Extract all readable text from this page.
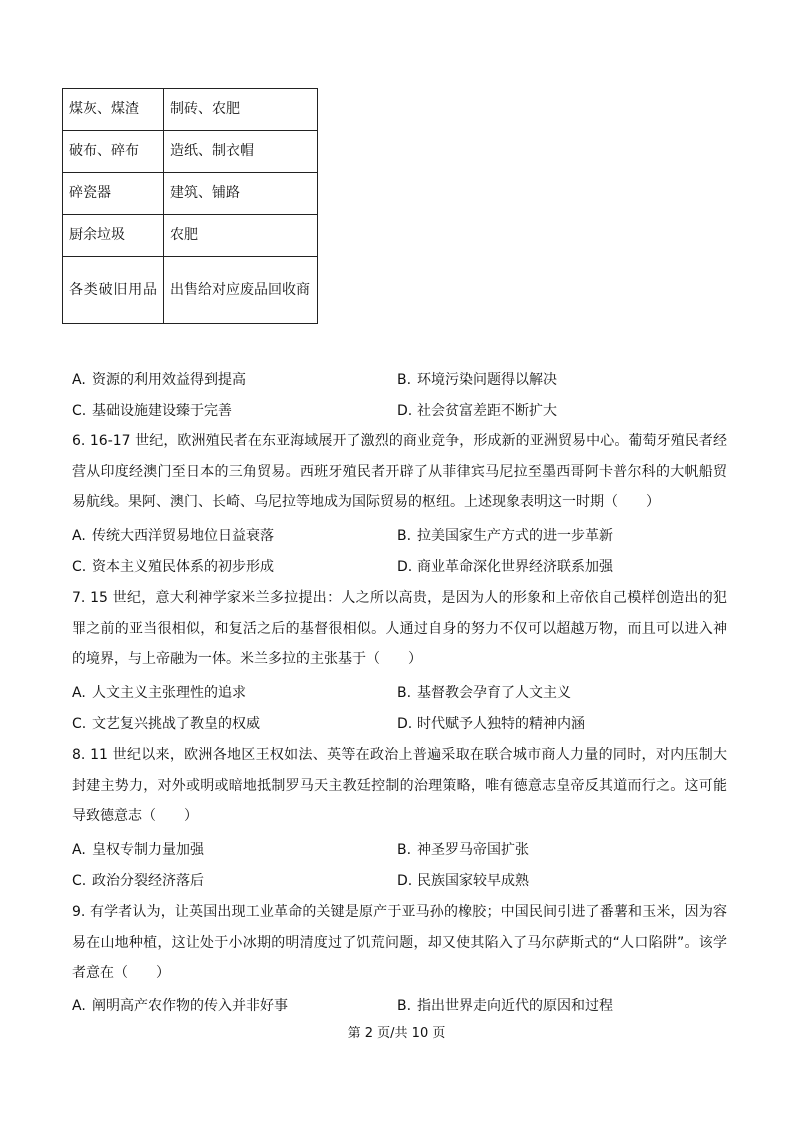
煤灰、煤渣	制砖、农肥
破布、碎布	造纸、制衣帽
碎瓷器	建筑、铺路
厨余垃圾	农肥
各类破旧用品	出售给对应废品回收商
A. 资源的利用效益得到提高	B. 环境污染问题得以解决
C. 基础设施建设臻于完善	D. 社会贫富差距不断扩大
6. 16-17 世纪，欧洲殖民者在东亚海域展开了激烈的商业竞争，形成新的亚洲贸易中心。葡萄牙殖民者经营从印度经澳门至日本的三角贸易。西班牙殖民者开辟了从菲律宾马尼拉至墨西哥阿卡普尔科的大帆船贸易航线。果阿、澳门、长崎、乌尼拉等地成为国际贸易的枢纽。上述现象表明这一时期（　　）
A. 传统大西洋贸易地位日益衰落	B. 拉美国家生产方式的进一步革新
C. 资本主义殖民体系的初步形成	D. 商业革命深化世界经济联系加强
7. 15 世纪，意大利神学家米兰多拉提出：人之所以高贵，是因为人的形象和上帝依自己模样创造出的犯罪之前的亚当很相似，和复活之后的基督很相似。人通过自身的努力不仅可以超越万物，而且可以进入神的境界，与上帝融为一体。米兰多拉的主张基于（　　）
A. 人文主义主张理性的追求	B. 基督教会孕育了人文主义
C. 文艺复兴挑战了教皇的权威	D. 时代赋予人独特的精神内涵
8. 11 世纪以来，欧洲各地区王权如法、英等在政治上普遍采取在联合城市商人力量的同时，对内压制大封建主势力，对外或明或暗地抵制罗马天主教廷控制的治理策略，唯有德意志皇帝反其道而行之。这可能导致德意志（　　）
A. 皇权专制力量加强	B. 神圣罗马帝国扩张
C. 政治分裂经济落后	D. 民族国家较早成熟
9. 有学者认为，让英国出现工业革命的关键是原产于亚马孙的橡胶；中国民间引进了番薯和玉米，因为容易在山地种植，这让处于小冰期的明清度过了饥荒问题，却又使其陷入了马尔萨斯式的“人口陷阱”。该学者意在（　　）
A. 阐明高产农作物的传入并非好事	B. 指出世界走向近代的原因和过程
第 2 页/共 10 页
